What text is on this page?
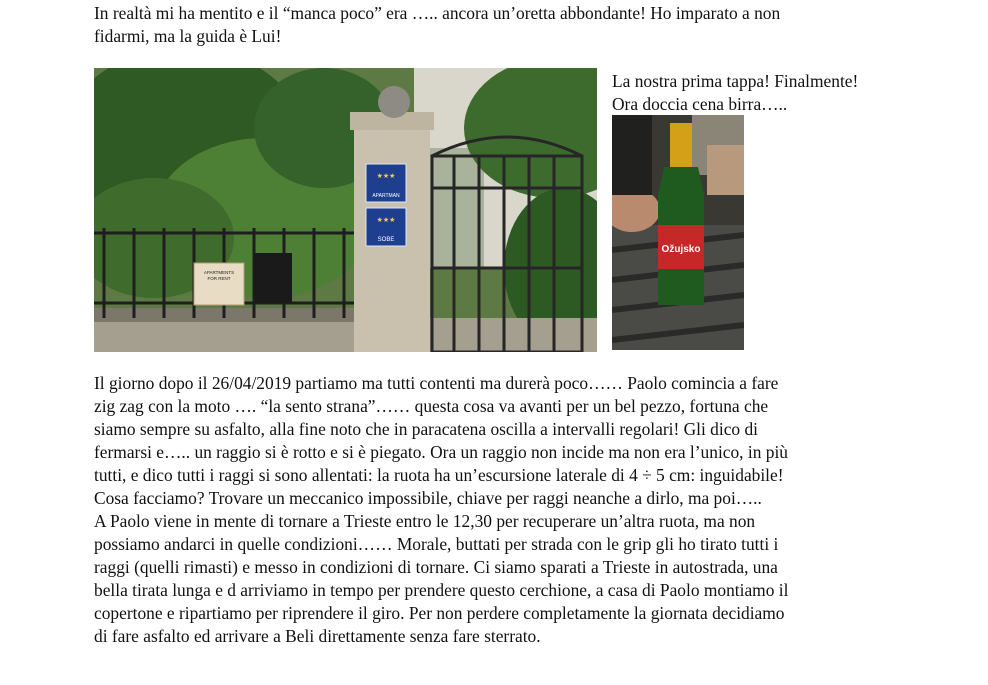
In realtà mi ha mentito e il “manca poco” era ….. ancora un’oretta abbondante! Ho imparato a non
fidarmi, ma la guida è Lui!
APARTMENTS
FOR RENT
★★★
APARTMAN
★★★
SOBE
La nostra prima tappa! Finalmente!
Ora doccia cena birra…..
Ožujsko
Il giorno dopo il 26/04/2019 partiamo ma tutti contenti ma durerà poco…… Paolo comincia a fare
zig zag con la moto …. “la sento strana”…… questa cosa va avanti per un bel pezzo, fortuna che
siamo sempre su asfalto, alla fine noto che in paracatena oscilla a intervalli regolari! Gli dico di
fermarsi e….. un raggio si è rotto e si è piegato. Ora un raggio non incide ma non era l’unico, in più
tutti, e dico tutti i raggi si sono allentati: la ruota ha un’escursione laterale di 4 ÷ 5 cm: inguidabile!
Cosa facciamo? Trovare un meccanico impossibile, chiave per raggi neanche a dirlo, ma poi…..
A Paolo viene in mente di tornare a Trieste entro le 12,30 per recuperare un’altra ruota, ma non
possiamo andarci in quelle condizioni…… Morale, buttati per strada con le grip gli ho tirato tutti i
raggi (quelli rimasti) e messo in condizioni di tornare. Ci siamo sparati a Trieste in autostrada, una
bella tirata lunga e d arriviamo in tempo per prendere questo cerchione, a casa di Paolo montiamo il
copertone e ripartiamo per riprendere il giro. Per non perdere completamente la giornata decidiamo
di fare asfalto ed arrivare a Beli direttamente senza fare sterrato.
